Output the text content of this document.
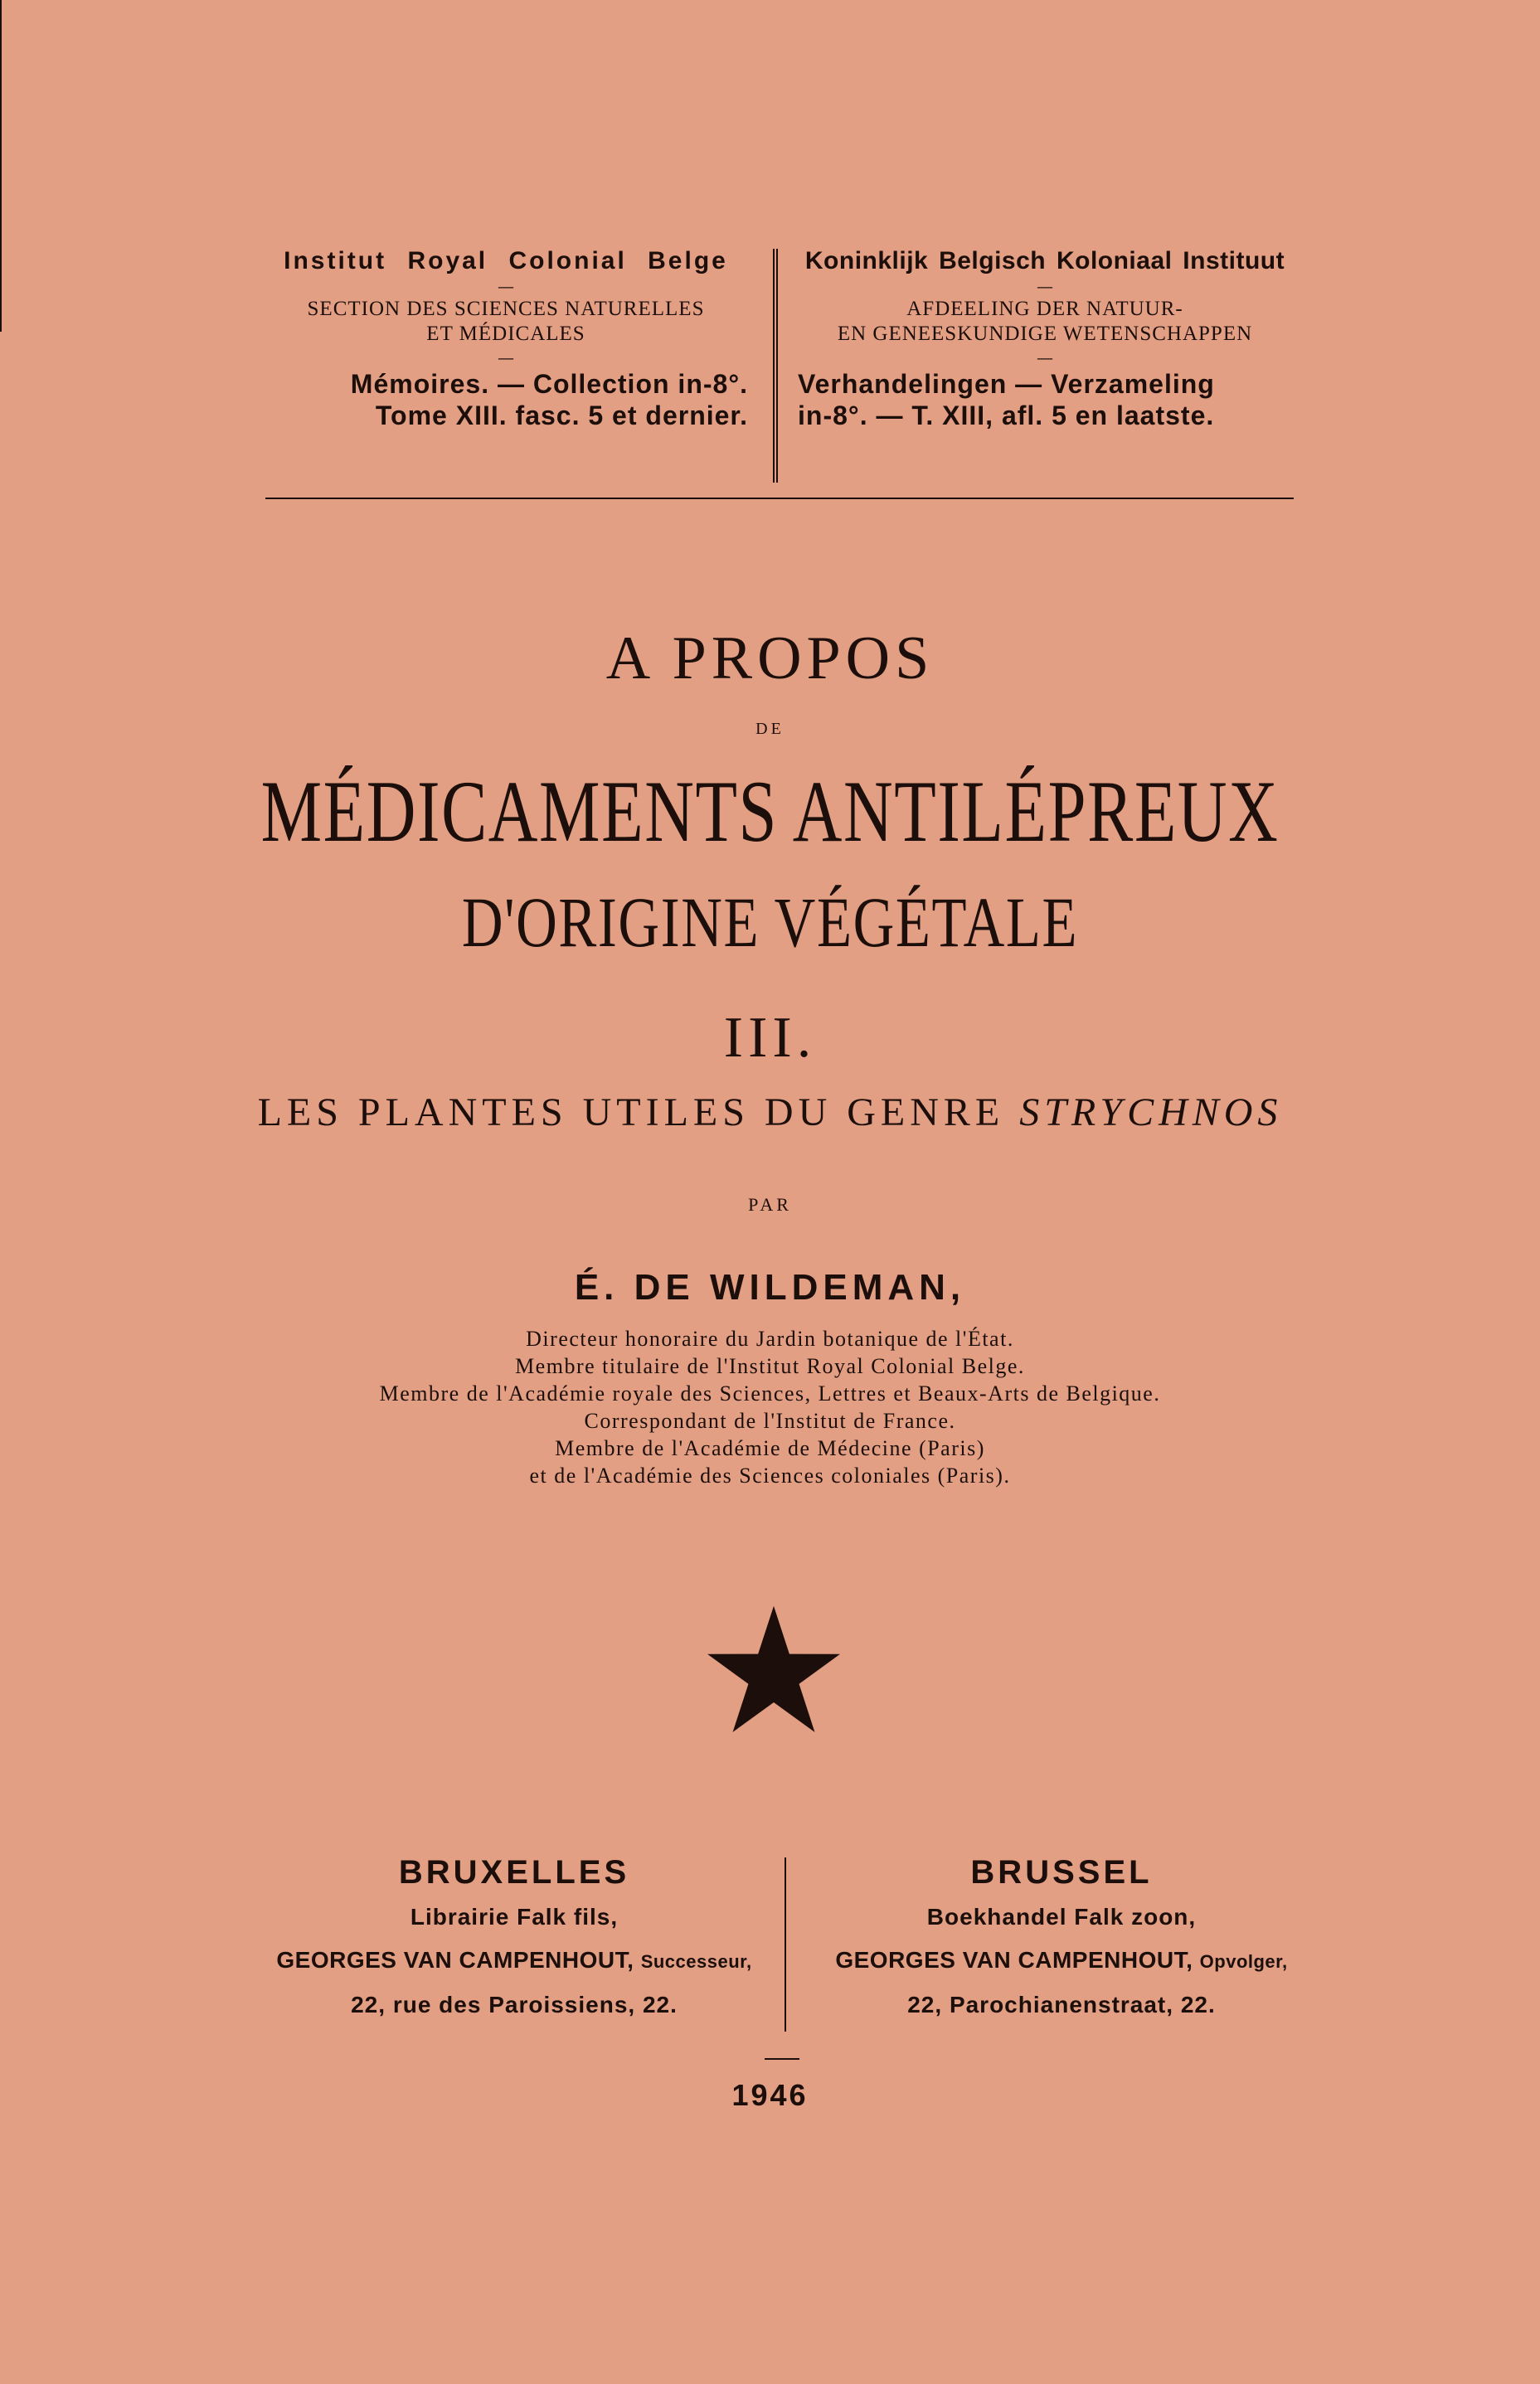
Institut Royal Colonial Belge
—
SECTION DES SCIENCES NATURELLES
ET MÉDICALES
—
Mémoires. — Collection in-8°.
Tome XIII. fasc. 5 et dernier.
Koninklijk Belgisch Koloniaal Instituut
—
AFDEELING DER NATUUR-
EN GENEESKUNDIGE WETENSCHAPPEN
—
Verhandelingen — Verzameling
in-8°. — T. XIII, afl. 5 en laatste.
A PROPOS
DE
MÉDICAMENTS ANTILÉPREUX
D'ORIGINE VÉGÉTALE
III.
LES PLANTES UTILES DU GENRE STRYCHNOS
PAR
É. DE WILDEMAN,
Directeur honoraire du Jardin botanique de l'État.
Membre titulaire de l'Institut Royal Colonial Belge.
Membre de l'Académie royale des Sciences, Lettres et Beaux-Arts de Belgique.
Correspondant de l'Institut de France.
Membre de l'Académie de Médecine (Paris)
et de l'Académie des Sciences coloniales (Paris).
BRUXELLES
Librairie Falk fils,
GEORGES VAN CAMPENHOUT, Successeur,
22, rue des Paroissiens, 22.
BRUSSEL
Boekhandel Falk zoon,
GEORGES VAN CAMPENHOUT, Opvolger,
22, Parochianenstraat, 22.
1946
